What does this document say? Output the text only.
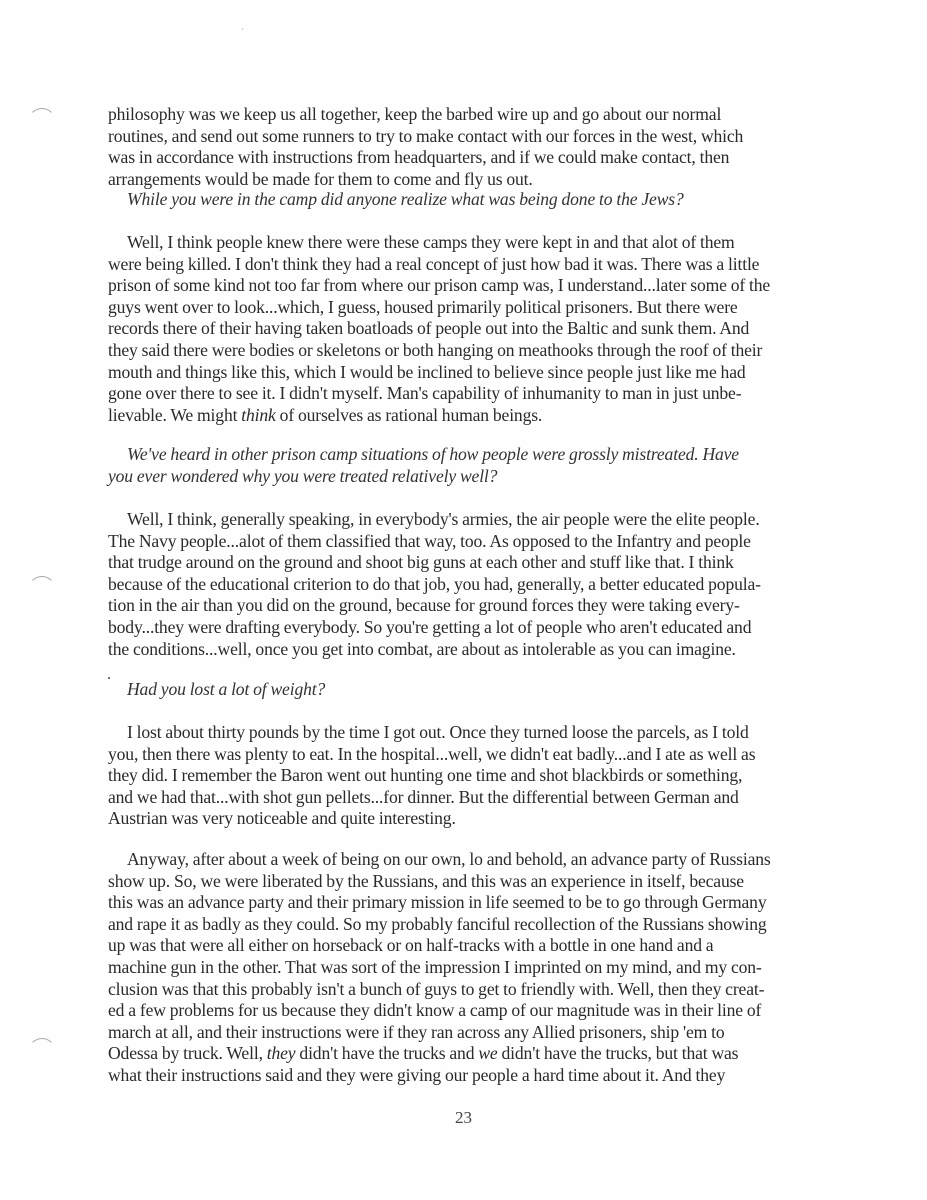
philosophy was we keep us all together, keep the barbed wire up and go about our normal
routines, and send out some runners to try to make contact with our forces in the west, which
was in accordance with instructions from headquarters, and if we could make contact, then
arrangements would be made for them to come and fly us out.
While you were in the camp did anyone realize what was being done to the Jews?
Well, I think people knew there were these camps they were kept in and that alot of them
were being killed. I don't think they had a real concept of just how bad it was. There was a little
prison of some kind not too far from where our prison camp was, I understand...later some of the
guys went over to look...which, I guess, housed primarily political prisoners. But there were
records there of their having taken boatloads of people out into the Baltic and sunk them. And
they said there were bodies or skeletons or both hanging on meathooks through the roof of their
mouth and things like this, which I would be inclined to believe since people just like me had
gone over there to see it. I didn't myself. Man's capability of inhumanity to man in just unbe-
lievable. We might think of ourselves as rational human beings.
We've heard in other prison camp situations of how people were grossly mistreated. Have
you ever wondered why you were treated relatively well?
Well, I think, generally speaking, in everybody's armies, the air people were the elite people.
The Navy people...alot of them classified that way, too. As opposed to the Infantry and people
that trudge around on the ground and shoot big guns at each other and stuff like that. I think
because of the educational criterion to do that job, you had, generally, a better educated popula-
tion in the air than you did on the ground, because for ground forces they were taking every-
body...they were drafting everybody. So you're getting a lot of people who aren't educated and
the conditions...well, once you get into combat, are about as intolerable as you can imagine.
Had you lost a lot of weight?
I lost about thirty pounds by the time I got out. Once they turned loose the parcels, as I told
you, then there was plenty to eat. In the hospital...well, we didn't eat badly...and I ate as well as
they did. I remember the Baron went out hunting one time and shot blackbirds or something,
and we had that...with shot gun pellets...for dinner. But the differential between German and
Austrian was very noticeable and quite interesting.
Anyway, after about a week of being on our own, lo and behold, an advance party of Russians
show up. So, we were liberated by the Russians, and this was an experience in itself, because
this was an advance party and their primary mission in life seemed to be to go through Germany
and rape it as badly as they could. So my probably fanciful recollection of the Russians showing
up was that were all either on horseback or on half-tracks with a bottle in one hand and a
machine gun in the other. That was sort of the impression I imprinted on my mind, and my con-
clusion was that this probably isn't a bunch of guys to get to friendly with. Well, then they creat-
ed a few problems for us because they didn't know a camp of our magnitude was in their line of
march at all, and their instructions were if they ran across any Allied prisoners, ship 'em to
Odessa by truck. Well, they didn't have the trucks and we didn't have the trucks, but that was
what their instructions said and they were giving our people a hard time about it. And they
.
23
